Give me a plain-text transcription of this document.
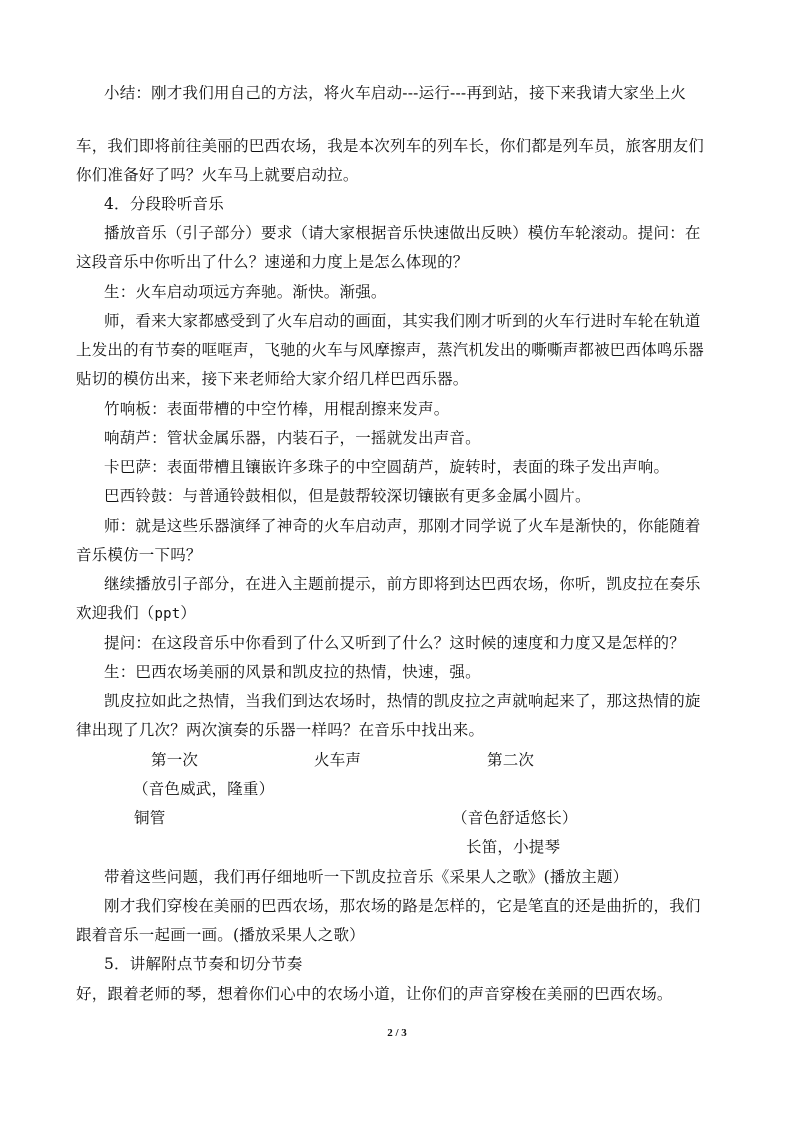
小结：刚才我们用自己的方法，将火车启动---运行---再到站，接下来我请大家坐上火
车，我们即将前往美丽的巴西农场，我是本次列车的列车长，你们都是列车员，旅客朋友们
你们准备好了吗？火车马上就要启动拉。
4．分段聆听音乐
播放音乐（引子部分）要求（请大家根据音乐快速做出反映）模仿车轮滚动。提问：在
这段音乐中你听出了什么？速递和力度上是怎么体现的？
生：火车启动项远方奔驰。渐快。渐强。
师，看来大家都感受到了火车启动的画面，其实我们刚才听到的火车行进时车轮在轨道
上发出的有节奏的哐哐声，飞驰的火车与风摩擦声，蒸汽机发出的嘶嘶声都被巴西体鸣乐器
贴切的模仿出来，接下来老师给大家介绍几样巴西乐器。
竹响板：表面带槽的中空竹棒，用棍刮擦来发声。
响葫芦：管状金属乐器，内装石子，一摇就发出声音。
卡巴萨：表面带槽且镶嵌许多珠子的中空圆葫芦，旋转时，表面的珠子发出声响。
巴西铃鼓：与普通铃鼓相似，但是鼓帮较深切镶嵌有更多金属小圆片。
师：就是这些乐器演绎了神奇的火车启动声，那刚才同学说了火车是渐快的，你能随着
音乐模仿一下吗？
继续播放引子部分，在进入主题前提示，前方即将到达巴西农场，你听，凯皮拉在奏乐
欢迎我们（ppt）
提问：在这段音乐中你看到了什么又听到了什么？这时候的速度和力度又是怎样的？
生：巴西农场美丽的风景和凯皮拉的热情，快速，强。
凯皮拉如此之热情，当我们到达农场时，热情的凯皮拉之声就响起来了，那这热情的旋
律出现了几次？两次演奏的乐器一样吗？在音乐中找出来。
第一次	火车声	第二次
（音色威武，隆重）
铜管	（音色舒适悠长）
长笛，小提琴
带着这些问题，我们再仔细地听一下凯皮拉音乐《采果人之歌》(播放主题）
刚才我们穿梭在美丽的巴西农场，那农场的路是怎样的，它是笔直的还是曲折的，我们
跟着音乐一起画一画。(播放采果人之歌）
5．讲解附点节奏和切分节奏
好，跟着老师的琴，想着你们心中的农场小道，让你们的声音穿梭在美丽的巴西农场。
2 / 3
